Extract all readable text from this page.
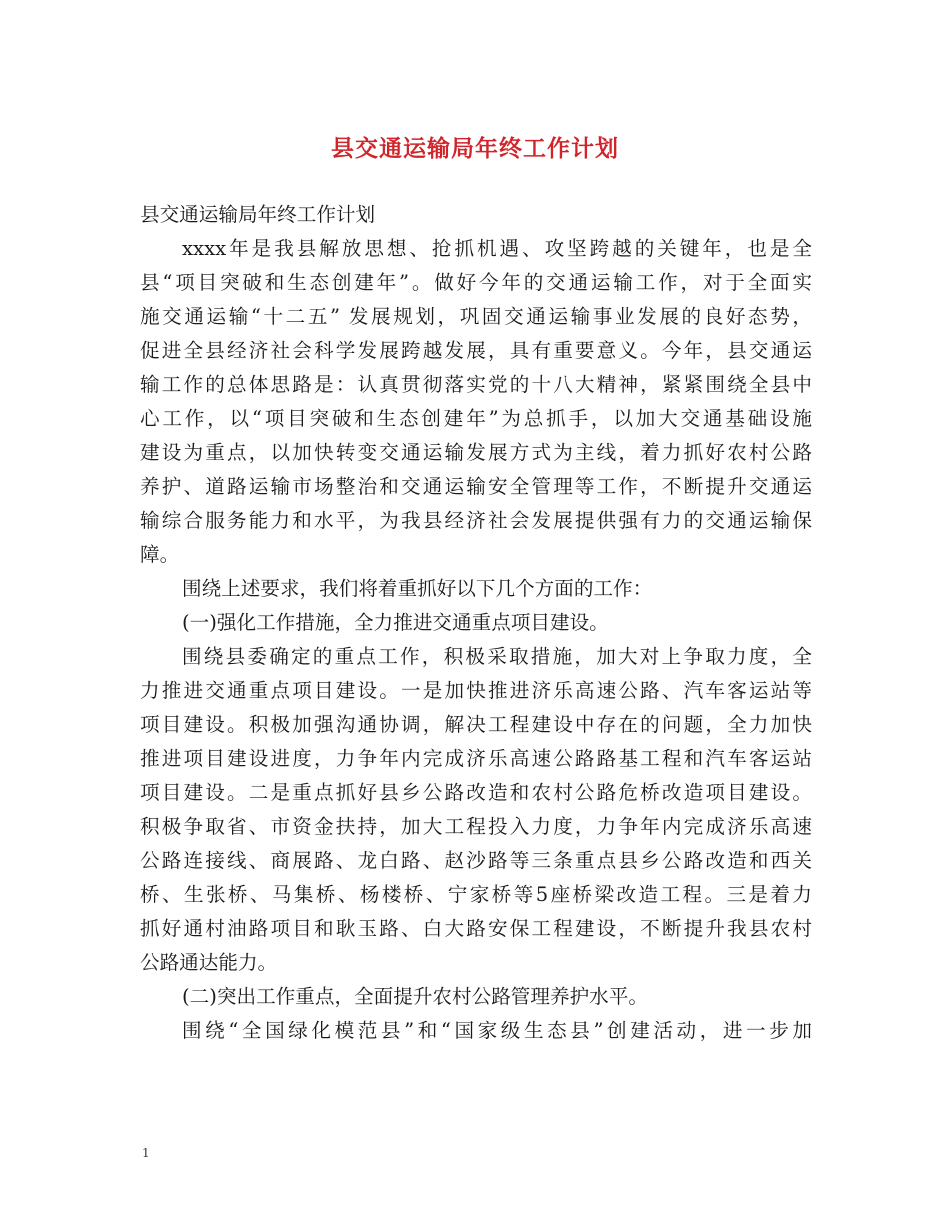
县交通运输局年终工作计划
县交通运输局年终工作计划
xxxx年是我县解放思想、抢抓机遇、攻坚跨越的关键年，也是全
县“项目突破和生态创建年”。做好今年的交通运输工作，对于全面实
施交通运输“十二五” 发展规划，巩固交通运输事业发展的良好态势，
促进全县经济社会科学发展跨越发展，具有重要意义。今年，县交通运
输工作的总体思路是：认真贯彻落实党的十八大精神，紧紧围绕全县中
心工作，以“项目突破和生态创建年”为总抓手，以加大交通基础设施
建设为重点，以加快转变交通运输发展方式为主线，着力抓好农村公路
养护、道路运输市场整治和交通运输安全管理等工作，不断提升交通运
输综合服务能力和水平，为我县经济社会发展提供强有力的交通运输保
障。
围绕上述要求，我们将着重抓好以下几个方面的工作：
(一)强化工作措施，全力推进交通重点项目建设。
围绕县委确定的重点工作，积极采取措施，加大对上争取力度，全
力推进交通重点项目建设。一是加快推进济乐高速公路、汽车客运站等
项目建设。积极加强沟通协调，解决工程建设中存在的问题，全力加快
推进项目建设进度，力争年内完成济乐高速公路路基工程和汽车客运站
项目建设。二是重点抓好县乡公路改造和农村公路危桥改造项目建设。
积极争取省、市资金扶持，加大工程投入力度，力争年内完成济乐高速
公路连接线、商展路、龙白路、赵沙路等三条重点县乡公路改造和西关
桥、生张桥、马集桥、杨楼桥、宁家桥等5座桥梁改造工程。三是着力
抓好通村油路项目和耿玉路、白大路安保工程建设，不断提升我县农村
公路通达能力。
(二)突出工作重点，全面提升农村公路管理养护水平。
围绕“全国绿化模范县”和“国家级生态县”创建活动，进一步加
1
